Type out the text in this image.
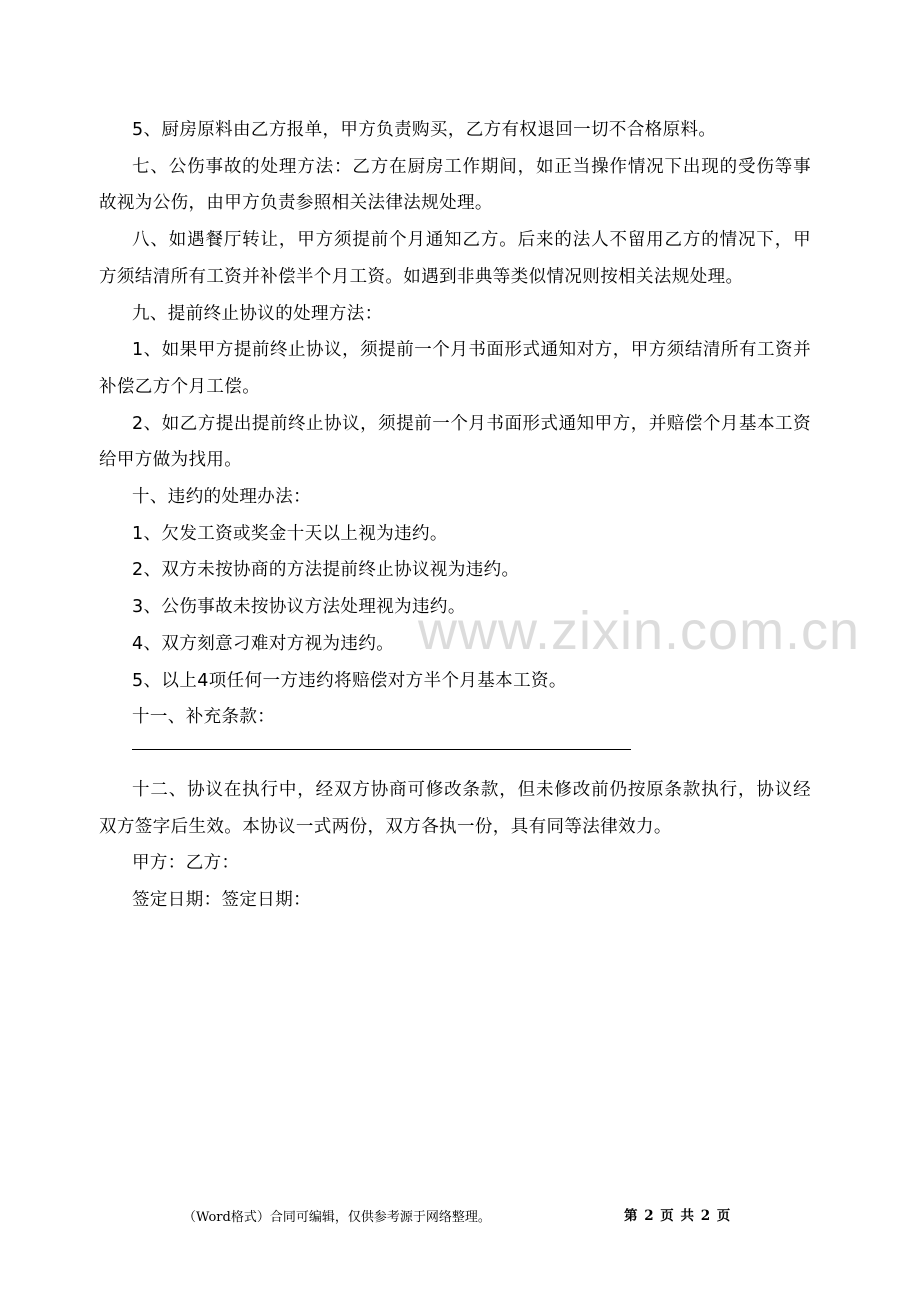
5、厨房原料由乙方报单，甲方负责购买，乙方有权退回一切不合格原料。

七、公伤事故的处理方法：乙方在厨房工作期间，如正当操作情况下出现的受伤等事故视为公伤，由甲方负责参照相关法律法规处理。

八、如遇餐厅转让，甲方须提前个月通知乙方。后来的法人不留用乙方的情况下，甲方须结清所有工资并补偿半个月工资。如遇到非典等类似情况则按相关法规处理。

九、提前终止协议的处理方法：

1、如果甲方提前终止协议，须提前一个月书面形式通知对方，甲方须结清所有工资并补偿乙方个月工偿。

2、如乙方提出提前终止协议，须提前一个月书面形式通知甲方，并赔偿个月基本工资给甲方做为找用。

十、违约的处理办法：

1、欠发工资或奖金十天以上视为违约。

2、双方未按协商的方法提前终止协议视为违约。

3、公伤事故未按协议方法处理视为违约。

4、双方刻意刁难对方视为违约。

5、以上4项任何一方违约将赔偿对方半个月基本工资。

十一、补充条款：

十二、协议在执行中，经双方协商可修改条款，但未修改前仍按原条款执行，协议经双方签字后生效。本协议一式两份，双方各执一份，具有同等法律效力。

甲方：乙方：

签定日期：签定日期：

www.zixin.com.cn
（Word格式）合同可编辑，仅供参考源于网络整理。	第 2 页 共 2 页
